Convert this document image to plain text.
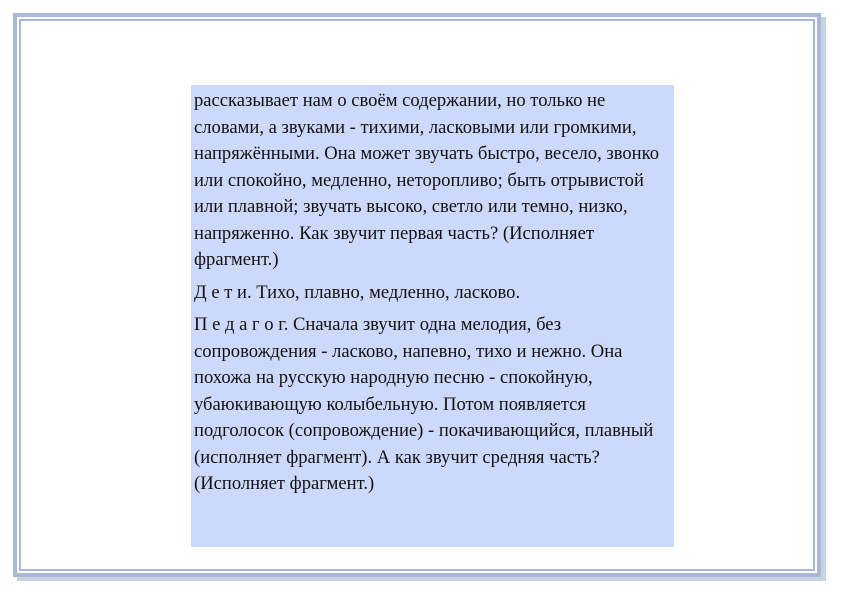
рассказывает нам о своём содержании, но только не словами, а звуками - тихими, ласковыми или громкими, напряжёнными. Она может звучать быстро, весело, звонко или спокойно, медленно, неторопливо; быть отрывистой или плавной; звучать высоко, светло или темно, низко, напряженно. Как звучит первая часть? (Исполняет фрагмент.)

Д е т и. Тихо, плавно, медленно, ласково.

П е д а г о г. Сначала звучит одна мелодия, без сопровождения - ласково, напевно, тихо и нежно. Она похожа на русскую народную песню - спокойную, убаюкивающую колыбельную. Потом появляется подголосок (сопровождение) - покачивающийся, плавный (исполняет фрагмент). А как звучит средняя часть? (Исполняет фрагмент.)
